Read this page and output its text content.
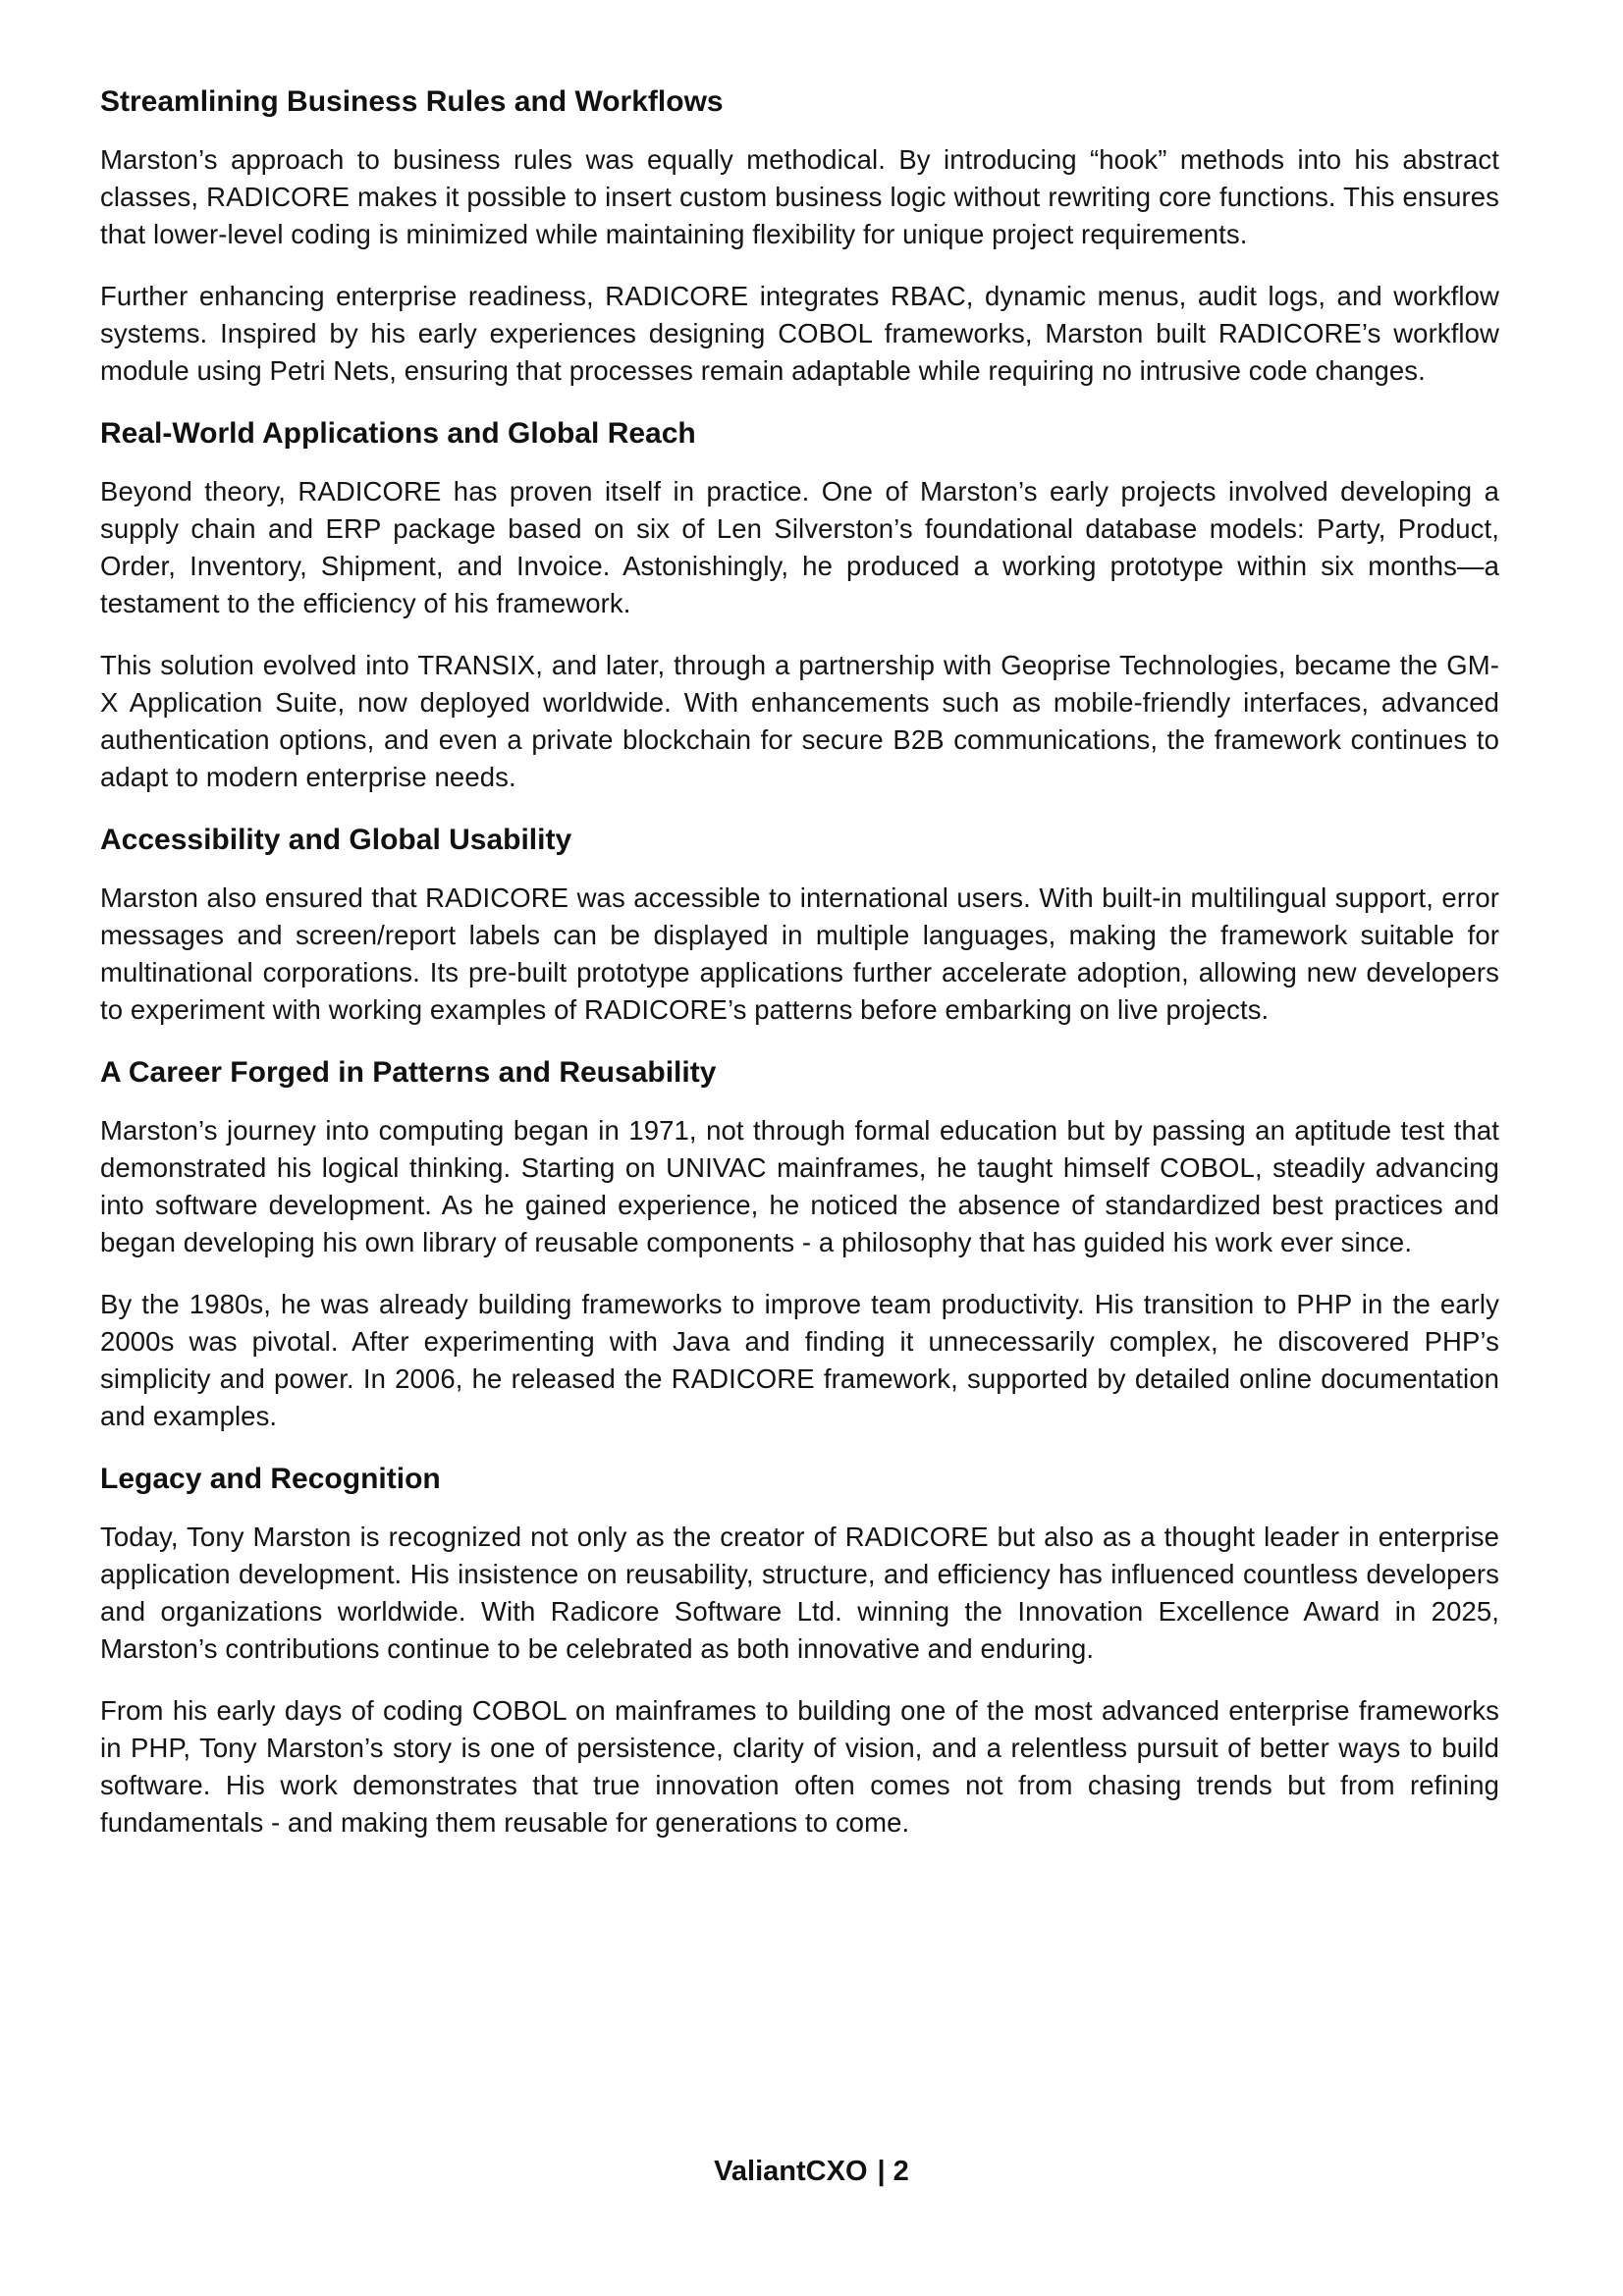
Streamlining Business Rules and Workflows

Marston’s approach to business rules was equally methodical. By introducing “hook” methods into his abstract classes, RADICORE makes it possible to insert custom business logic without rewriting core functions. This ensures that lower-level coding is minimized while maintaining flexibility for unique project requirements.

Further enhancing enterprise readiness, RADICORE integrates RBAC, dynamic menus, audit logs, and workflow systems. Inspired by his early experiences designing COBOL frameworks, Marston built RADICORE’s workflow module using Petri Nets, ensuring that processes remain adaptable while requiring no intrusive code changes.

Real-World Applications and Global Reach

Beyond theory, RADICORE has proven itself in practice. One of Marston’s early projects involved developing a supply chain and ERP package based on six of Len Silverston’s foundational database models: Party, Product, Order, Inventory, Shipment, and Invoice. Astonishingly, he produced a working prototype within six months—a testament to the efficiency of his framework.

This solution evolved into TRANSIX, and later, through a partnership with Geoprise Technologies, became the GM-X Application Suite, now deployed worldwide. With enhancements such as mobile-friendly interfaces, advanced authentication options, and even a private blockchain for secure B2B communications, the framework continues to adapt to modern enterprise needs.

Accessibility and Global Usability

Marston also ensured that RADICORE was accessible to international users. With built-in multilingual support, error messages and screen/report labels can be displayed in multiple languages, making the framework suitable for multinational corporations. Its pre-built prototype applications further accelerate adoption, allowing new developers to experiment with working examples of RADICORE’s patterns before embarking on live projects.

A Career Forged in Patterns and Reusability

Marston’s journey into computing began in 1971, not through formal education but by passing an aptitude test that demonstrated his logical thinking. Starting on UNIVAC mainframes, he taught himself COBOL, steadily advancing into software development. As he gained experience, he noticed the absence of standardized best practices and began developing his own library of reusable components - a philosophy that has guided his work ever since.

By the 1980s, he was already building frameworks to improve team productivity. His transition to PHP in the early 2000s was pivotal. After experimenting with Java and finding it unnecessarily complex, he discovered PHP’s simplicity and power. In 2006, he released the RADICORE framework, supported by detailed online documentation and examples.

Legacy and Recognition

Today, Tony Marston is recognized not only as the creator of RADICORE but also as a thought leader in enterprise application development. His insistence on reusability, structure, and efficiency has influenced countless developers and organizations worldwide. With Radicore Software Ltd. winning the Innovation Excellence Award in 2025, Marston’s contributions continue to be celebrated as both innovative and enduring.

From his early days of coding COBOL on mainframes to building one of the most advanced enterprise frameworks in PHP, Tony Marston’s story is one of persistence, clarity of vision, and a relentless pursuit of better ways to build software. His work demonstrates that true innovation often comes not from chasing trends but from refining fundamentals - and making them reusable for generations to come.

ValiantCXO | 2
